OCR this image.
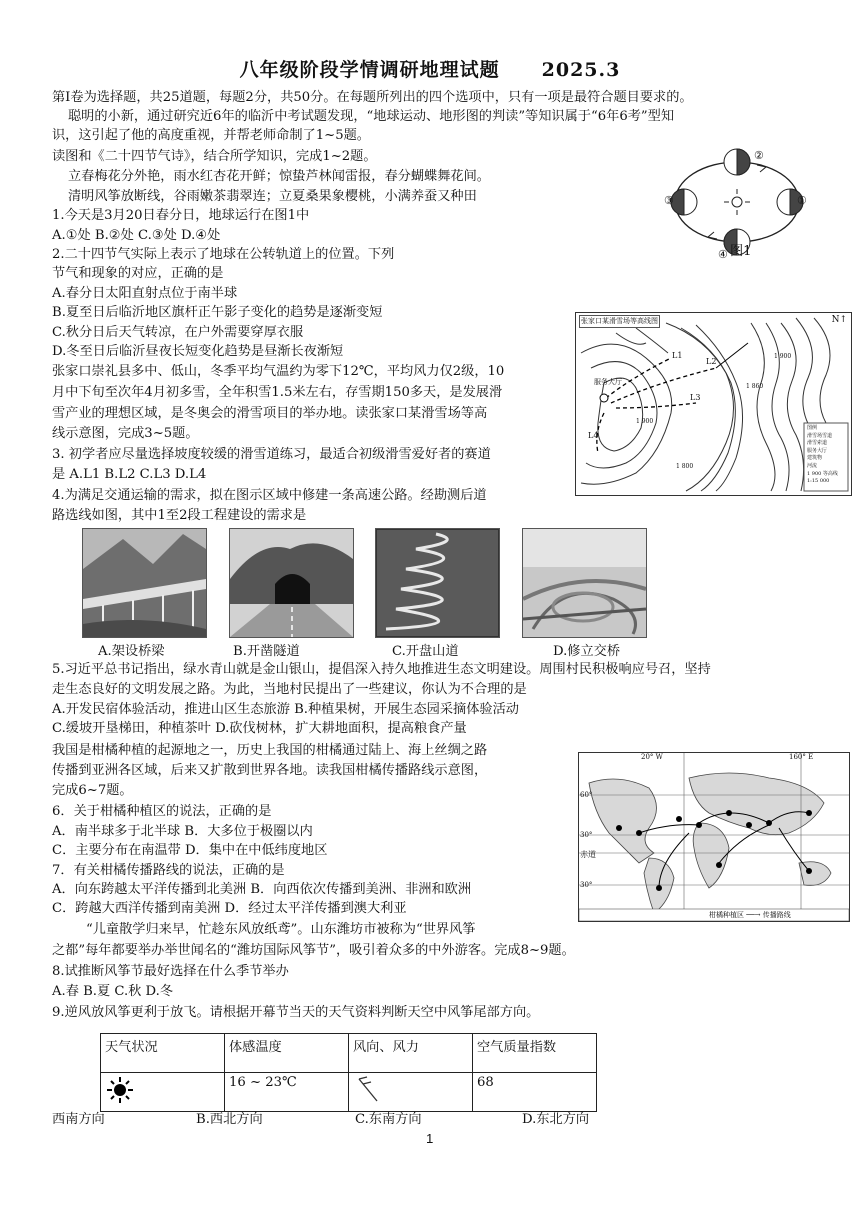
八年级阶段学情调研地理试题 2025.3
第Ⅰ卷为选择题，共25道题，每题2分，共50分。在每题所列出的四个选项中，只有一项是最符合题目要求的。
聪明的小新，通过研究近6年的临沂中考试题发现，“地球运动、地形图的判读”等知识属于“6年6考”型知
识，这引起了他的高度重视，并帮老师命制了1~5题。
读图和《二十四节气诗》，结合所学知识，完成1~2题。
立春梅花分外艳，雨水红杏花开鲜；惊蛰芦林闻雷报，春分蝴蝶舞花间。
清明风筝放断线，谷雨嫩茶翡翠连；立夏桑果象樱桃，小满养蚕又种田
1.今天是3月20日春分日，地球运行在图1中
A.①处 B.②处 C.③处 D.④处
2.二十四节气实际上表示了地球在公转轨道上的位置。下列
节气和现象的对应，正确的是
A.春分日太阳直射点位于南半球
B.夏至日后临沂地区旗杆正午影子变化的趋势是逐渐变短
C.秋分日后天气转凉，在户外需要穿厚衣服
D.冬至日后临沂昼夜长短变化趋势是昼渐长夜渐短
张家口崇礼县多中、低山，冬季平均气温约为零下12℃，平均风力仅2级，10
月中下旬至次年4月初多雪，全年积雪1.5米左右，存雪期150多天，是发展滑
雪产业的理想区域，是冬奥会的滑雪项目的举办地。读张家口某滑雪场等高
线示意图，完成3~5题。
3. 初学者应尽量选择坡度较缓的滑雪道练习，最适合初级滑雪爱好者的赛道
是 A.L1 B.L2 C.L3 D.L4
4.为满足交通运输的需求，拟在图示区域中修建一条高速公路。经勘测后道
路选线如图，其中1至2段工程建设的需求是
A.架设桥梁	B.开凿隧道	C.开盘山道	D.修立交桥
5.习近平总书记指出，绿水青山就是金山银山，提倡深入持久地推进生态文明建设。周围村民积极响应号召，坚持
走生态良好的文明发展之路。为此，当地村民提出了一些建议，你认为不合理的是
A.开发民宿体验活动，推进山区生态旅游 B.种植果树，开展生态园采摘体验活动
C.缓坡开垦梯田，种植茶叶 D.砍伐树林，扩大耕地面积，提高粮食产量
我国是柑橘种植的起源地之一，历史上我国的柑橘通过陆上、海上丝绸之路
传播到亚洲各区域，后来又扩散到世界各地。读我国柑橘传播路线示意图，
完成6~7题。
6．关于柑橘种植区的说法，正确的是
A．南半球多于北半球 B．大多位于极圈以内
C．主要分布在南温带 D．集中在中低纬度地区
7．有关柑橘传播路线的说法，正确的是
A．向东跨越太平洋传播到北美洲 B．向西依次传播到美洲、非洲和欧洲
C．跨越大西洋传播到南美洲 D．经过太平洋传播到澳大利亚
“儿童散学归来早，忙趁东风放纸鸢”。山东潍坊市被称为“世界风筝
之都”每年都要举办举世闻名的“潍坊国际风筝节”，吸引着众多的中外游客。完成8~9题。
8.试推断风筝节最好选择在什么季节举办
A.春 B.夏 C.秋 D.冬
9.逆风放风筝更利于放飞。请根据开幕节当天的天气资料判断天空中风筝尾部方向。
①
②
③
④ 图1
张家口某滑雪场等高线图
L1
L2
L3
L4
服务大厅
1 900
1 860
1 800
1 900
图例
滑雪场雪道
滑雪索道
服务大厅
建筑物
河流
1 900 等高线
1:15 000
N↑
20° W	160° E
60°
30°
赤道
30°
柑橘种植区 ──→ 传播路线
天气状况	体感温度	风向、风力	空气质量指数
	16 ~ 23℃		68
西南方向	B.西北方向	C.东南方向	D.东北方向
1
